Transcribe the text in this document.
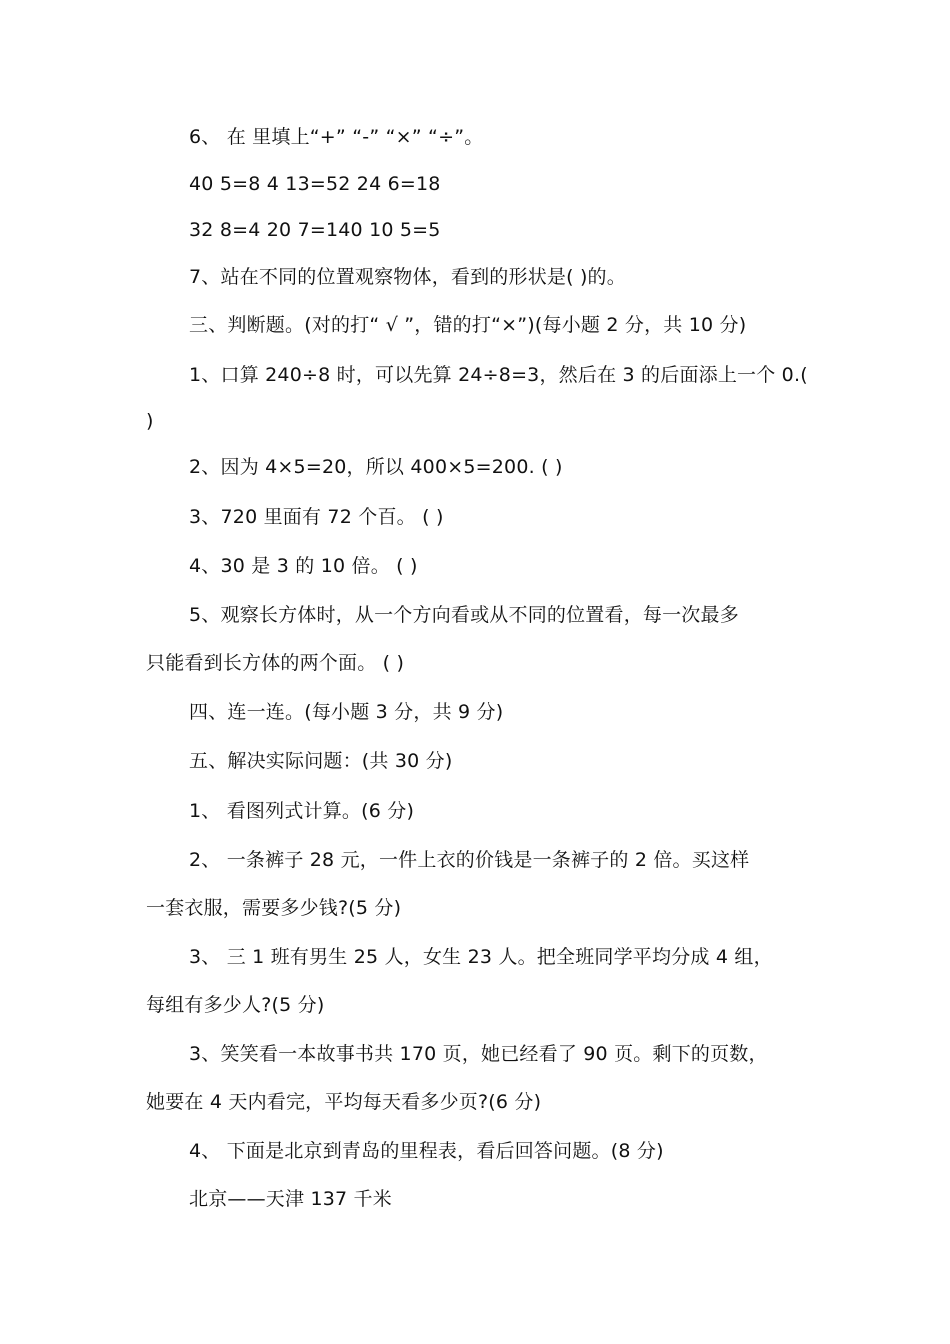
6、 在 里填上“+” “-” “×” “÷”。
40 5=8 4 13=52 24 6=18
32 8=4 20 7=140 10 5=5
7、站在不同的位置观察物体，看到的形状是( )的。
三、判断题。(对的打“ √ ”，错的打“×”)(每小题 2 分，共 10 分)
1、口算 240÷8 时，可以先算 24÷8=3，然后在 3 的后面添上一个 0.(
)
2、因为 4×5=20，所以 400×5=200. ( )
3、720 里面有 72 个百。 ( )
4、30 是 3 的 10 倍。 ( )
5、观察长方体时，从一个方向看或从不同的位置看，每一次最多
只能看到长方体的两个面。 ( )
四、连一连。(每小题 3 分，共 9 分)
五、解决实际问题：(共 30 分)
1、 看图列式计算。(6 分)
2、 一条裤子 28 元，一件上衣的价钱是一条裤子的 2 倍。买这样
一套衣服，需要多少钱?(5 分)
3、 三 1 班有男生 25 人，女生 23 人。把全班同学平均分成 4 组，
每组有多少人?(5 分)
3、笑笑看一本故事书共 170 页，她已经看了 90 页。剩下的页数，
她要在 4 天内看完，平均每天看多少页?(6 分)
4、 下面是北京到青岛的里程表，看后回答问题。(8 分)
北京——天津 137 千米
